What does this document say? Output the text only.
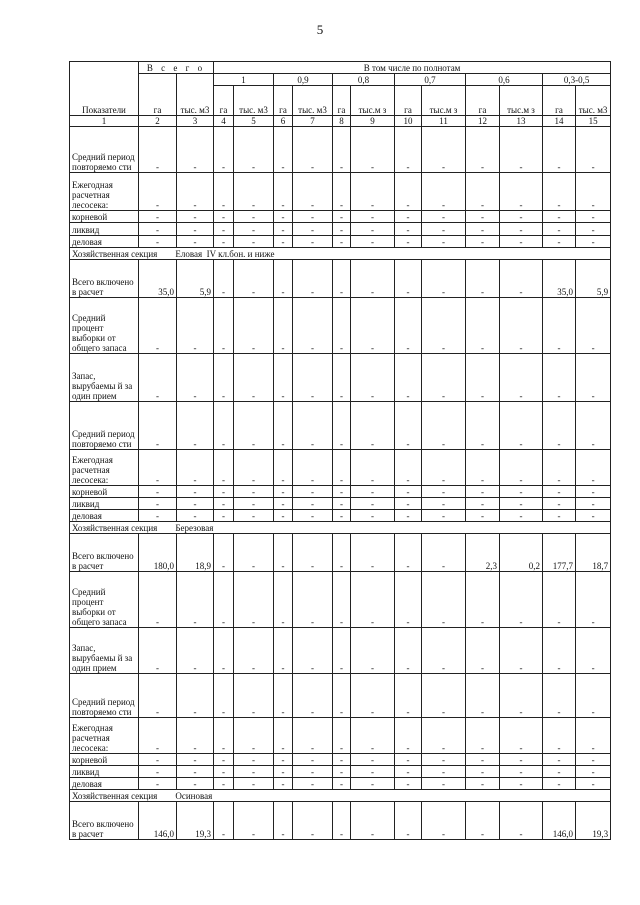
5
Показатели	В с е г о		В том числе по полнотам											
	га	тыс. м3	1		0,9		0,8		0,7		0,6		0,3-0,5	
			га	тыс. м3	га	тыс. м3	га	тыс.м з	га	тыс.м з	га	тыс.м з	га	тыс. м3
1	2	3	4	5	6	7	8	9	10	11	12	13	14	15
Средний период повторяемо сти	-	-	-	-	-	-	-	-	-	-	-	-	-	-
Ежегодная расчетная лесосека:	-	-	-	-	-	-	-	-	-	-	-	-	-	-
корневой	-	-	-	-	-	-	-	-	-	-	-	-	-	-
ликвид	-	-	-	-	-	-	-	-	-	-	-	-	-	-
деловая	-	-	-	-	-	-	-	-	-	-	-	-	-	-
Хозяйственная секция        Еловая  IV кл.бон. и ниже														
Всего включено в расчет	35,0	5,9	-	-	-	-	-	-	-	-	-	-	35,0	5,9
Средний процент выборки от общего запаса	-	-	-	-	-	-	-	-	-	-	-	-	-	-
Запас, вырубаемы й за один прием	-	-	-	-	-	-	-	-	-	-	-	-	-	-
Средний период повторяемо сти	-	-	-	-	-	-	-	-	-	-	-	-	-	-
Ежегодная расчетная лесосека:	-	-	-	-	-	-	-	-	-	-	-	-	-	-
корневой	-	-	-	-	-	-	-	-	-	-	-	-	-	-
ликвид	-	-	-	-	-	-	-	-	-	-	-	-	-	-
деловая	-	-	-	-	-	-	-	-	-	-	-	-	-	-
Хозяйственная секция        Березовая														
Всего включено в расчет	180,0	18,9	-	-	-	-	-	-	-	-	2,3	0,2	177,7	18,7
Средний процент выборки от общего запаса	-	-	-	-	-	-	-	-	-	-	-	-	-	-
Запас, вырубаемы й за один прием	-	-	-	-	-	-	-	-	-	-	-	-	-	-
Средний период повторяемо сти	-	-	-	-	-	-	-	-	-	-	-	-	-	-
Ежегодная расчетная лесосека:	-	-	-	-	-	-	-	-	-	-	-	-	-	-
корневой	-	-	-	-	-	-	-	-	-	-	-	-	-	-
ликвид	-	-	-	-	-	-	-	-	-	-	-	-	-	-
деловая	-	-	-	-	-	-	-	-	-	-	-	-	-	-
Хозяйственная секция        Осиновая														
Всего включено в расчет	146,0	19,3	-	-	-	-	-	-	-	-	-	-	146,0	19,3
